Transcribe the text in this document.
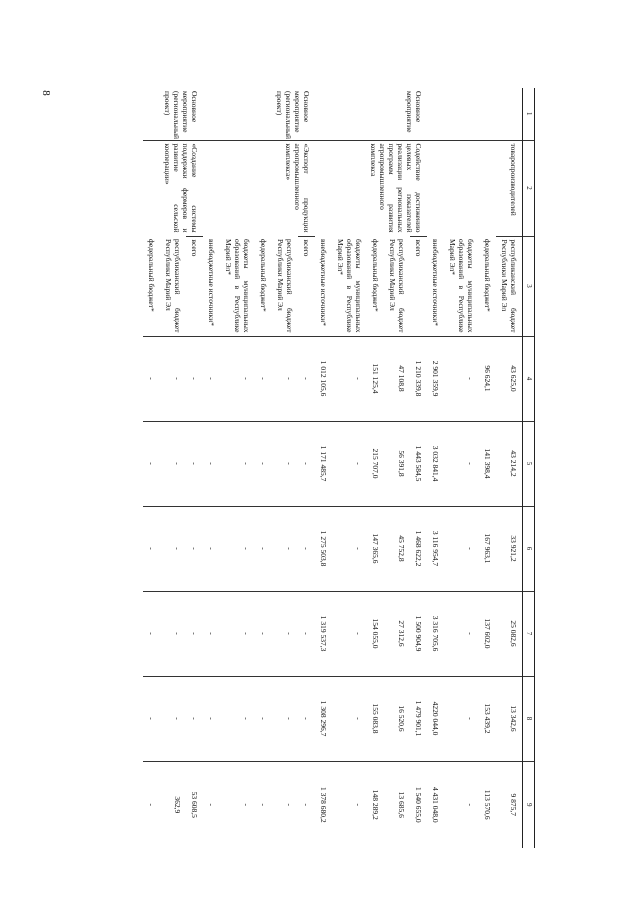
8
1	2	3	4	5	6	7	8	9
	товаропроизводителей	республиканский бюджет Республики Марий Эл	43 625,0	43 214,2	33 921,2	25 082,6	13 342,6	9 875,7
		федеральный бюджет*	96 624,1	141 398,4	167 963,1	137 602,0	153 439,2	113 570,6
		бюджеты муниципальных образований в Республике Марий Эл*	-	-	-	-	-	-
		внебюджетные источники*	2 901 359,9	3 032 841,4	3 116 954,7	3 316 705,6	4220 044,0	4 431 048,0
Основное мероприятие	Содействие достижению целевых показателей реализации региональных программ развития агропромышленного комплекса	всего	1 210 339,8	1 443 584,5	1 468 622,2	1 500 904,9	1 479 901,1	1 540 655,0
		республиканский бюджет Республики Марий Эл	47 108,8	56 391,8	45 752,8	27 312,6	16 520,6	13 685,6
		федеральный бюджет*	151 125,4	215 707,0	147 365,6	154 055,0	155 083,8	148 289,2
		бюджеты муниципальных образований в Республике Марий Эл*	-	-	-	-	-	-
		внебюджетные источники*	1 012 105,6	1 171 485,7	1 275 503,8	1 319 537,3	1 308 296,7	1 378 680,2
Основное мероприятие (региональный проект)	«Экспорт продукции агропромышленного комплекса»	всего	-	-	-	-	-	-
		республиканский бюджет Республики Марий Эл	-	-	-	-	-	-
		федеральный бюджет*	-	-	-	-	-	-
		бюджеты муниципальных образований в Республике Марий Эл*	-	-	-	-	-	-
		внебюджетные источники*	-	-	-	-	-	-
Основное мероприятие (региональный проект)	«Создание системы поддержки фермеров и развитие сельской кооперации»	всего	-	-	-	-	-	53 608,5
		республиканский бюджет Республики Марий Эл	-	-	-	-	-	362,9
		федеральный бюджет*	-	-	-	-	-	-
